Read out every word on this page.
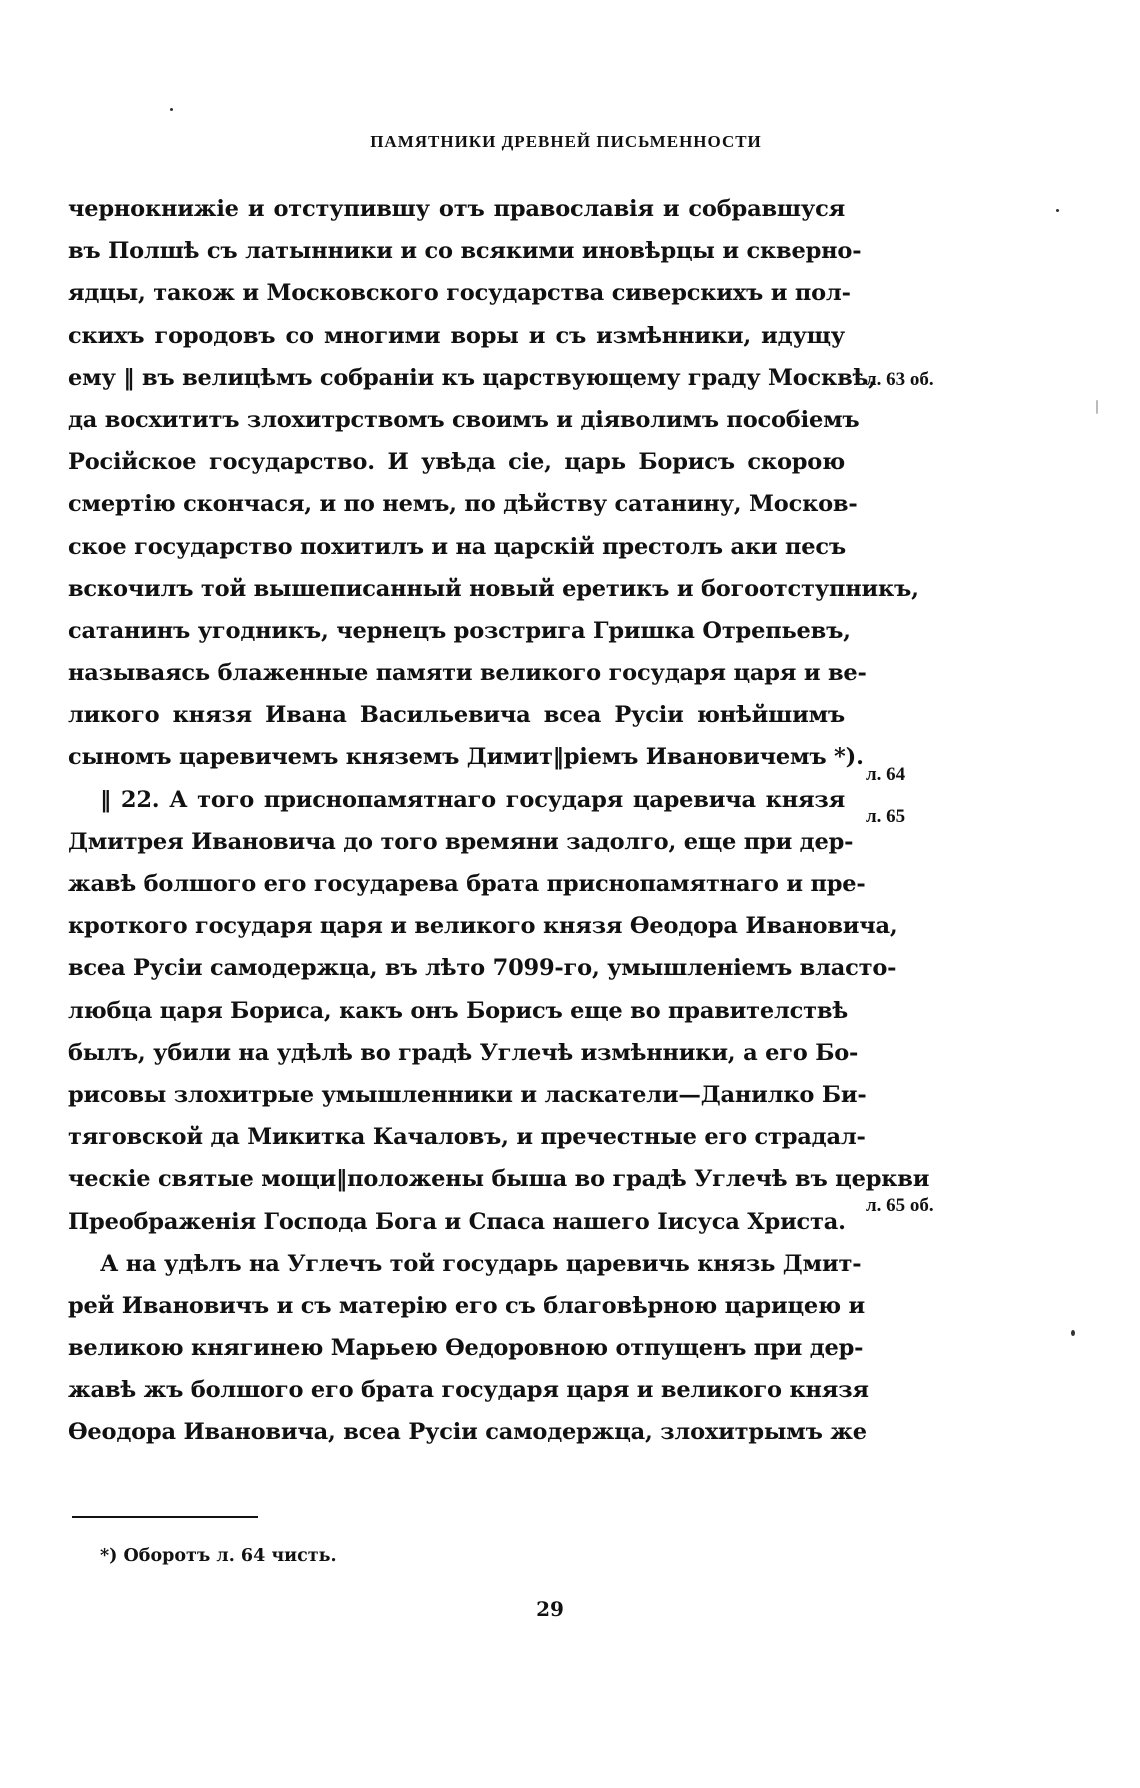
ПАМЯТНИКИ ДРЕВНЕЙ ПИСЬМЕННОСТИ
чернокнижіе и отступившу отъ православія и собравшуся
въ Полшѣ съ латынники и со всякими иновѣрцы и скверно-
ядцы, також и Московского государства сиверскихъ и пол-
скихъ городовъ со многими воры и съ измѣнники, идущу
ему ‖ въ велицѣмъ собраніи къ царствующему граду Москвѣ,
да восхититъ злохитрствомъ своимъ и діяволимъ пособіемъ
Російское государство. И увѣда сіе, царь Борисъ скорою
смертію скончася, и по немъ, по дѣйству сатанину, Москов-
ское государство похитилъ и на царскій престолъ аки песъ
вскочилъ той вышеписанный новый еретикъ и богоотступникъ,
сатанинъ угодникъ, чернецъ розстрига Гришка Отрепьевъ,
называясь блаженные памяти великого государя царя и ве-
ликого князя Ивана Васильевича всеа Русіи юнѣйшимъ
сыномъ царевичемъ княземъ Димит‖ріемъ Ивановичемъ *).
‖ 22. А того приснопамятнаго государя царевича князя
Дмитрея Ивановича до того времяни задолго, еще при дер-
жавѣ болшого его государева брата приснопамятнаго и пре-
кроткого государя царя и великого князя Ѳеодора Ивановича,
всеа Русіи самодержца, въ лѣто 7099-го, умышленіемъ власто-
любца царя Бориса, какъ онъ Борисъ еще во правителствѣ
былъ, убили на удѣлѣ во градѣ Углечѣ измѣнники, а его Бо-
рисовы злохитрые умышленники и ласкатели—Данилко Би-
тяговской да Микитка Качаловъ, и пречестные его страдал-
ческіе святые мощи‖положены быша во градѣ Углечѣ въ церкви
Преображенія Господа Бога и Спаса нашего Іисуса Христа.
А на удѣлъ на Углечъ той государь царевичь князь Дмит-
рей Ивановичъ и съ матерію его съ благовѣрною царицею и
великою княгинею Марьею Ѳедоровною отпущенъ при дер-
жавѣ жъ болшого его брата государя царя и великого князя
Ѳеодора Ивановича, всеа Русіи самодержца, злохитрымъ же
л. 63 об.
л. 64
л. 65
л. 65 об.
*) Оборотъ л. 64 чисть.
29
